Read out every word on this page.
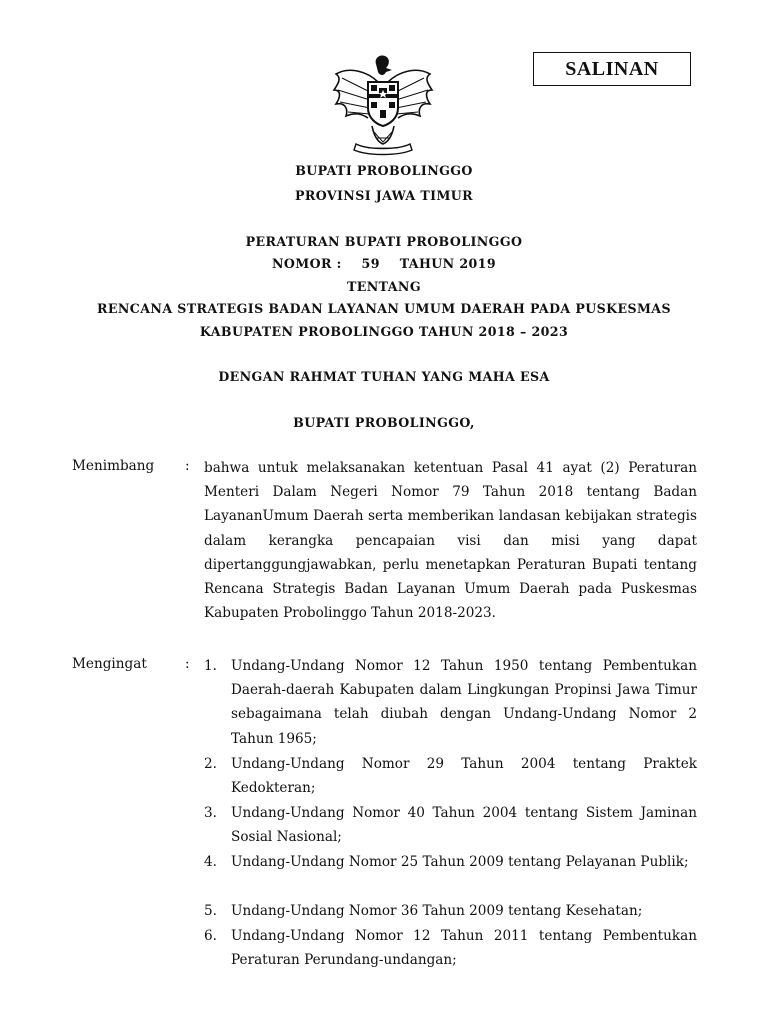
SALINAN
BUPATI PROBOLINGGO
PROVINSI JAWA TIMUR
PERATURAN BUPATI PROBOLINGGO
NOMOR :	59	TAHUN 2019
TENTANG
RENCANA STRATEGIS BADAN LAYANAN UMUM DAERAH PADA PUSKESMAS
KABUPATEN PROBOLINGGO TAHUN 2018 – 2023
DENGAN RAHMAT TUHAN YANG MAHA ESA
BUPATI PROBOLINGGO,
Menimbang : bahwa untuk melaksanakan ketentuan Pasal 41 ayat (2) Peraturan Menteri Dalam Negeri Nomor 79 Tahun 2018 tentang Badan LayananUmum Daerah serta memberikan landasan kebijakan strategis dalam kerangka pencapaian visi dan misi yang dapat dipertanggungjawabkan, perlu menetapkan Peraturan Bupati tentang Rencana Strategis Badan Layanan Umum Daerah pada Puskesmas Kabupaten Probolinggo Tahun 2018-2023.
Mengingat	: 1.	Undang-Undang Nomor 12 Tahun 1950 tentang Pembentukan Daerah-daerah Kabupaten dalam Lingkungan Propinsi Jawa Timur sebagaimana telah diubah dengan Undang-Undang Nomor 2 Tahun 1965;
2.	Undang-Undang Nomor 29 Tahun 2004 tentang Praktek Kedokteran;
3.	Undang-Undang Nomor 40 Tahun 2004 tentang Sistem Jaminan Sosial Nasional;
4.	Undang-Undang Nomor 25 Tahun 2009 tentang Pelayanan Publik;
5.	Undang-Undang Nomor 36 Tahun 2009 tentang Kesehatan;
6.	Undang-Undang Nomor 12 Tahun 2011 tentang Pembentukan Peraturan Perundang-undangan;
